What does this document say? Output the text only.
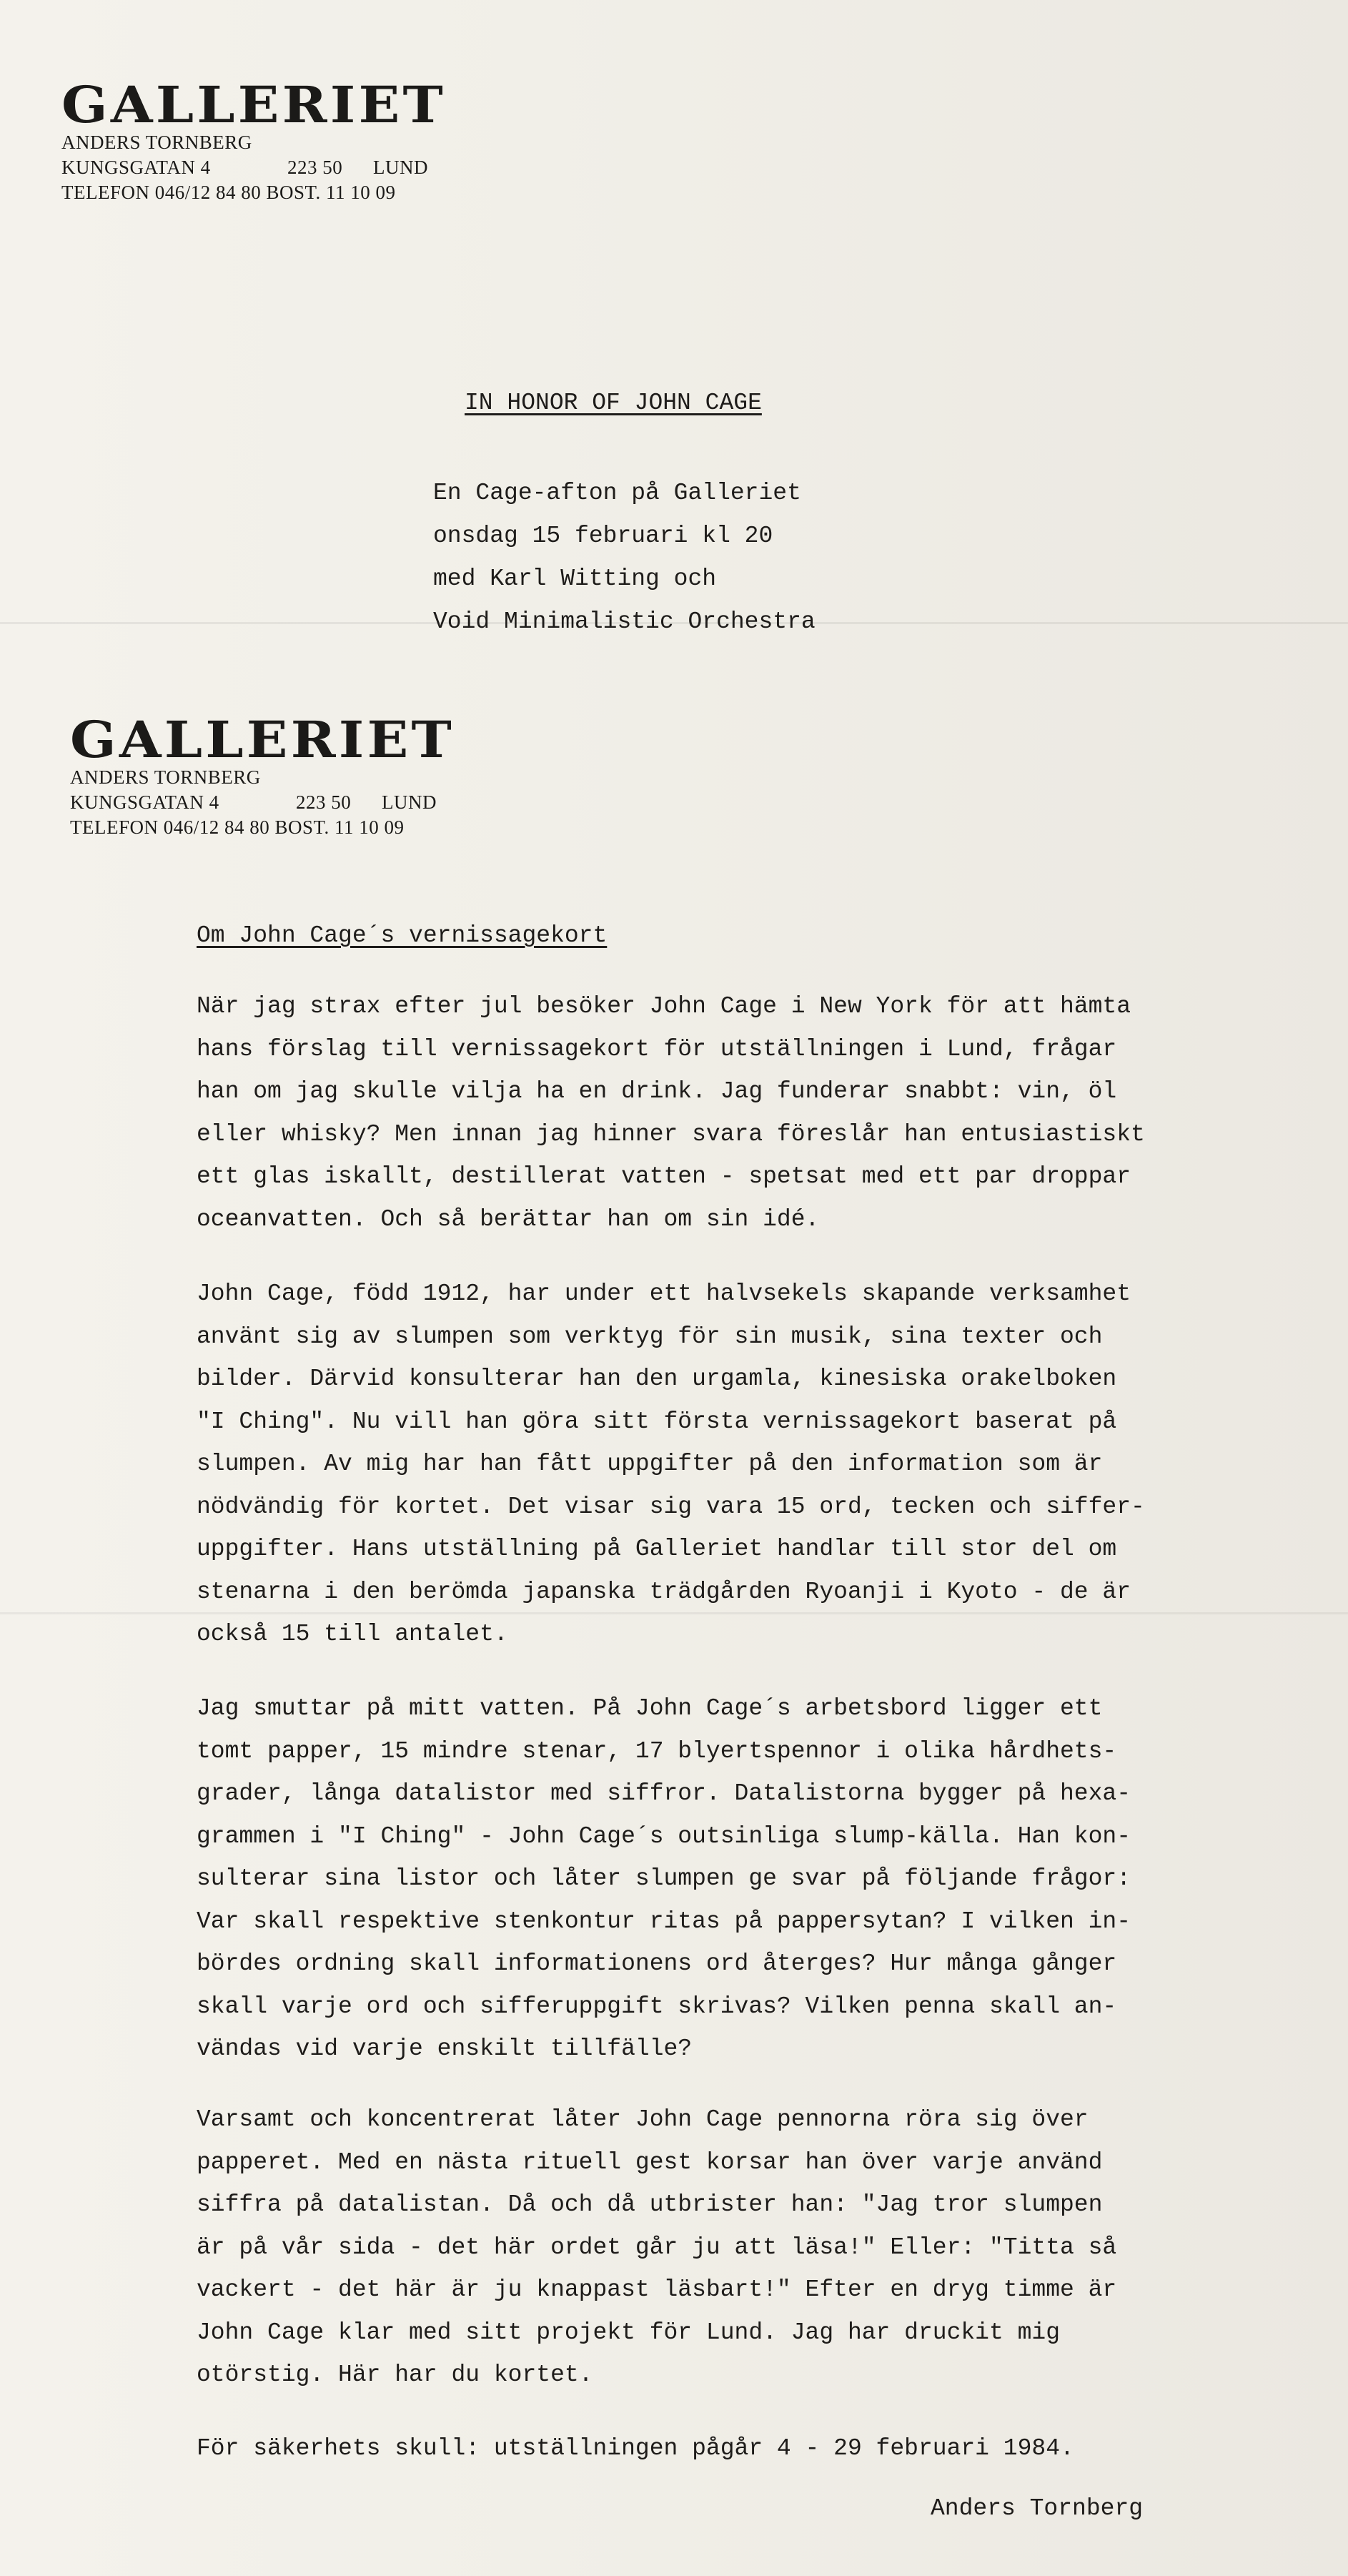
GALLERIET
ANDERS TORNBERG
KUNGSGATAN 4	223 50	LUND
TELEFON 046/12 84 80 BOST. 11 10 09
IN HONOR OF JOHN CAGE
En Cage-afton på Galleriet
onsdag 15 februari kl 20
med Karl Witting och
Void Minimalistic Orchestra
GALLERIET
ANDERS TORNBERG
KUNGSGATAN 4	223 50	LUND
TELEFON 046/12 84 80 BOST. 11 10 09
Om John Cage´s vernissagekort
När jag strax efter jul besöker John Cage i New York för att hämta
hans förslag till vernissagekort för utställningen i Lund, frågar
han om jag skulle vilja ha en drink. Jag funderar snabbt: vin, öl
eller whisky? Men innan jag hinner svara föreslår han entusiastiskt
ett glas iskallt, destillerat vatten - spetsat med ett par droppar
oceanvatten. Och så berättar han om sin idé.
John Cage, född 1912, har under ett halvsekels skapande verksamhet
använt sig av slumpen som verktyg för sin musik, sina texter och
bilder. Därvid konsulterar han den urgamla, kinesiska orakelboken
"I Ching". Nu vill han göra sitt första vernissagekort baserat på
slumpen. Av mig har han fått uppgifter på den information som är
nödvändig för kortet. Det visar sig vara 15 ord, tecken och siffer-
uppgifter. Hans utställning på Galleriet handlar till stor del om
stenarna i den berömda japanska trädgården Ryoanji i Kyoto - de är
också 15 till antalet.
Jag smuttar på mitt vatten. På John Cage´s arbetsbord ligger ett
tomt papper, 15 mindre stenar, 17 blyertspennor i olika hårdhets-
grader, långa datalistor med siffror. Datalistorna bygger på hexa-
grammen i "I Ching" - John Cage´s outsinliga slump-källa. Han kon-
sulterar sina listor och låter slumpen ge svar på följande frågor:
Var skall respektive stenkontur ritas på pappersytan? I vilken in-
bördes ordning skall informationens ord återges? Hur många gånger
skall varje ord och sifferuppgift skrivas? Vilken penna skall an-
vändas vid varje enskilt tillfälle?
Varsamt och koncentrerat låter John Cage pennorna röra sig över
papperet. Med en nästa rituell gest korsar han över varje använd
siffra på datalistan. Då och då utbrister han: "Jag tror slumpen
är på vår sida - det här ordet går ju att läsa!" Eller: "Titta så
vackert - det här är ju knappast läsbart!" Efter en dryg timme är
John Cage klar med sitt projekt för Lund. Jag har druckit mig
otörstig. Här har du kortet.
För säkerhets skull: utställningen pågår 4 - 29 februari 1984.
Anders Tornberg
